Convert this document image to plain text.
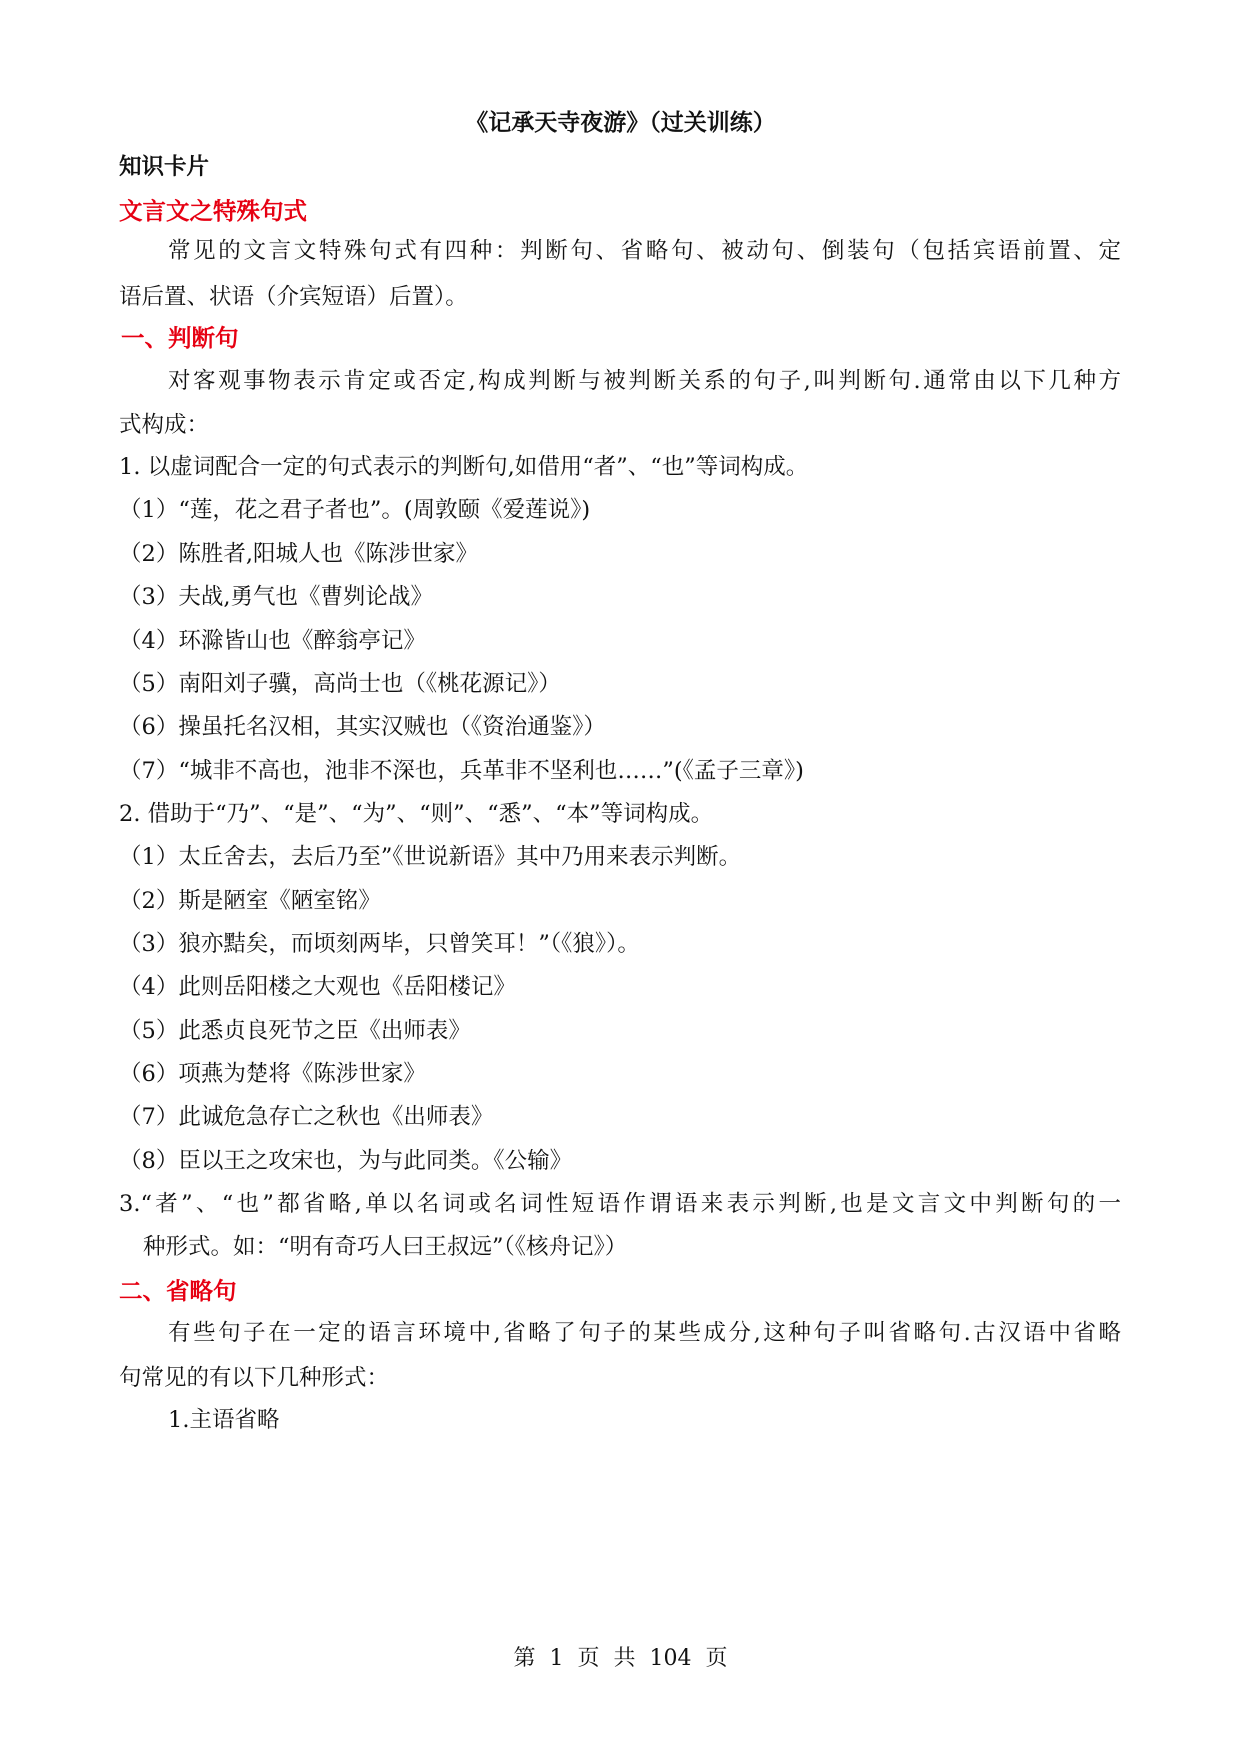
《记承天寺夜游》（过关训练）
知识卡片
文言文之特殊句式
常见的文言文特殊句式有四种：判断句、省略句、被动句、倒装句（包括宾语前置、定
语后置、状语（介宾短语）后置）。
一、判断句
对客观事物表示肯定或否定,构成判断与被判断关系的句子,叫判断句.通常由以下几种方
式构成：
1. 以虚词配合一定的句式表示的判断句,如借用“者”、“也”等词构成。
（1）“莲，花之君子者也”。(周敦颐《爱莲说》)
（2）陈胜者,阳城人也《陈涉世家》
（3）夫战,勇气也《曹刿论战》
（4）环滁皆山也《醉翁亭记》
（5）南阳刘子骥，高尚士也（《桃花源记》）
（6）操虽托名汉相，其实汉贼也（《资治通鉴》）
（7）“城非不高也，池非不深也，兵革非不坚利也……”(《孟子三章》)
2. 借助于“乃”、“是”、“为”、“则”、“悉”、“本”等词构成。
（1）太丘舍去，去后乃至”《世说新语》其中乃用来表示判断。
（2）斯是陋室《陋室铭》
（3）狼亦黠矣，而顷刻两毕，只曾笑耳！”（《狼》）。
（4）此则岳阳楼之大观也《岳阳楼记》
（5）此悉贞良死节之臣《出师表》
（6）项燕为楚将《陈涉世家》
（7）此诚危急存亡之秋也《出师表》
（8）臣以王之攻宋也，为与此同类。《公输》
3.“者”、“也”都省略,单以名词或名词性短语作谓语来表示判断,也是文言文中判断句的一
种形式。如：“明有奇巧人曰王叔远”（《核舟记》）
二、省略句
有些句子在一定的语言环境中,省略了句子的某些成分,这种句子叫省略句.古汉语中省略
句常见的有以下几种形式：
1.主语省略
第  1  页  共  104  页
